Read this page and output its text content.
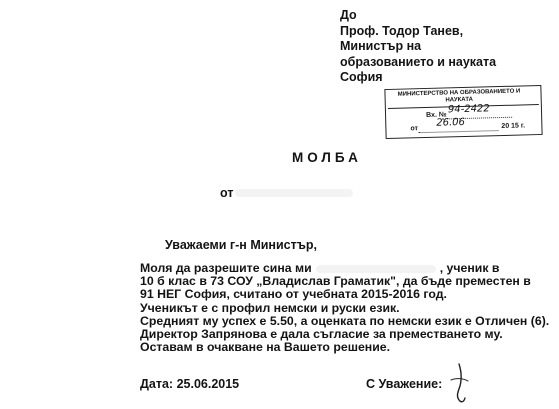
До
Проф. Тодор Танев,
Министър на
образованието и науката
София
МИНИСТЕРСТВО НА ОБРАЗОВАНИЕТО И НАУКАТА
Вх. № 94-2422
от
26.06	20 15 г.
МОЛБА
от
Уважаеми г-н Министър,
Моля да разрешите сина ми	, ученик в
10 б клас в 73 СОУ „Владислав Граматик", да бъде преместен в
91 НЕГ София, считано от учебната 2015-2016 год.
Ученикът е с профил немски и руски език.
Средният му успех е 5.50, а оценката по немски език е Отличен (6).
Директор Запрянова е дала съгласие за преместването му.
Оставам в очакване на Вашето решение.
Дата: 25.06.2015	С Уважение:
